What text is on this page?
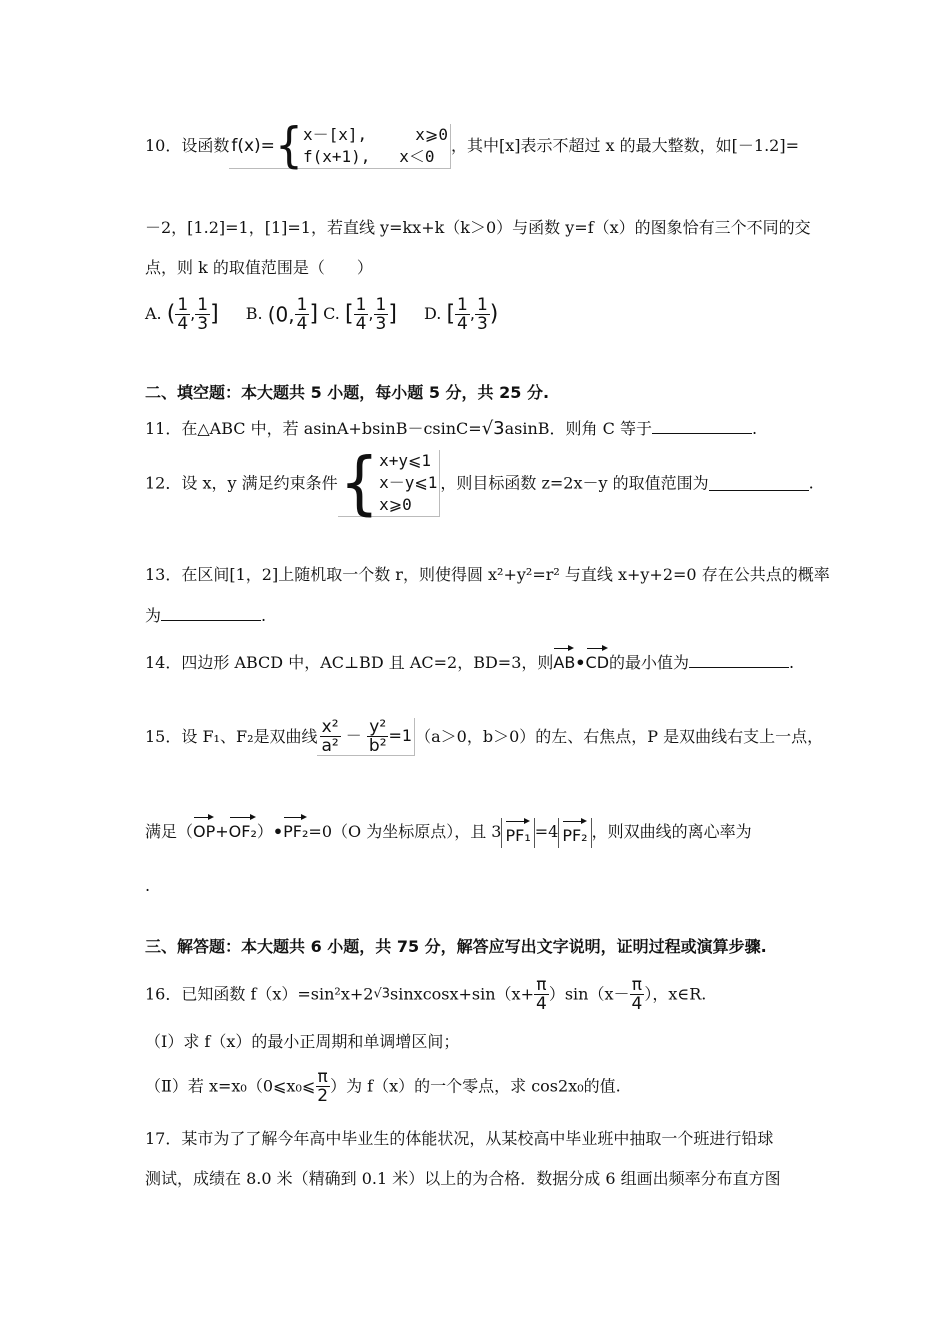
10．设函数 f(x)={ x－[x],	x⩾0
f(x+1), x＜0
，其中[x]表示不超过 x 的最大整数，如[－1.2]=
－2，[1.2]=1，[1]=1，若直线 y=kx+k（k＞0）与函数 y=f（x）的图象恰有三个不同的交
点，则 k 的取值范围是（　　）
A. ( $\frac{1}{4}$ , $\frac{1}{3}$ ] B. (0, $\frac{1}{4}$ ] C. [ $\frac{1}{4}$ , $\frac{1}{3}$ ] D. [ $\frac{1}{4}$ , $\frac{1}{3}$ )
二、填空题：本大题共 5 小题，每小题 5 分，共 25 分.
11．在△ABC 中，若 asinA+bsinB－csinC=√3asinB．则角 C 等于	.
12．设 x，y 满足约束条件{ x+y⩽1
x－y⩽1
x⩾0
，则目标函数 z=2x－y 的取值范围为	.
13．在区间[1，2]上随机取一个数 r，则使得圆 x²+y²=r² 与直线 x+y+2=0 存在公共点的概率
为	.
14．四边形 ABCD 中，AC⊥BD 且 AC=2，BD=3，则AB•CD的最小值为	.
15．设 F₁、F₂是双曲线 $\frac{\text{x²}}{\text{a²}} - \frac{\text{y²}}{\text{b²}} =1$ （a＞0，b＞0）的左、右焦点，P 是双曲线右支上一点，
满足（OP+OF₂）•PF₂=0（O 为坐标原点），且 3 PF₁ =4 PF₂ ，则双曲线的离心率为
.
三、解答题：本大题共 6 小题，共 75 分，解答应写出文字说明，证明过程或演算步骤.
16．已知函数 f（x）=sin²x+2√3sinxcosx+sin（x+ $\frac{\pi}{4} )\sin(x- \frac{\pi}{4}$ ），x∈R.
（Ⅰ）求 f（x）的最小正周期和单调增区间；
（Ⅱ）若 x=x₀（0⩽x₀⩽ $\frac{\pi}{2}$ ）为 f（x）的一个零点，求 cos2x₀的值.
17．某市为了了解今年高中毕业生的体能状况，从某校高中毕业班中抽取一个班进行铅球
测试，成绩在 8.0 米（精确到 0.1 米）以上的为合格．数据分成 6 组画出频率分布直方图
